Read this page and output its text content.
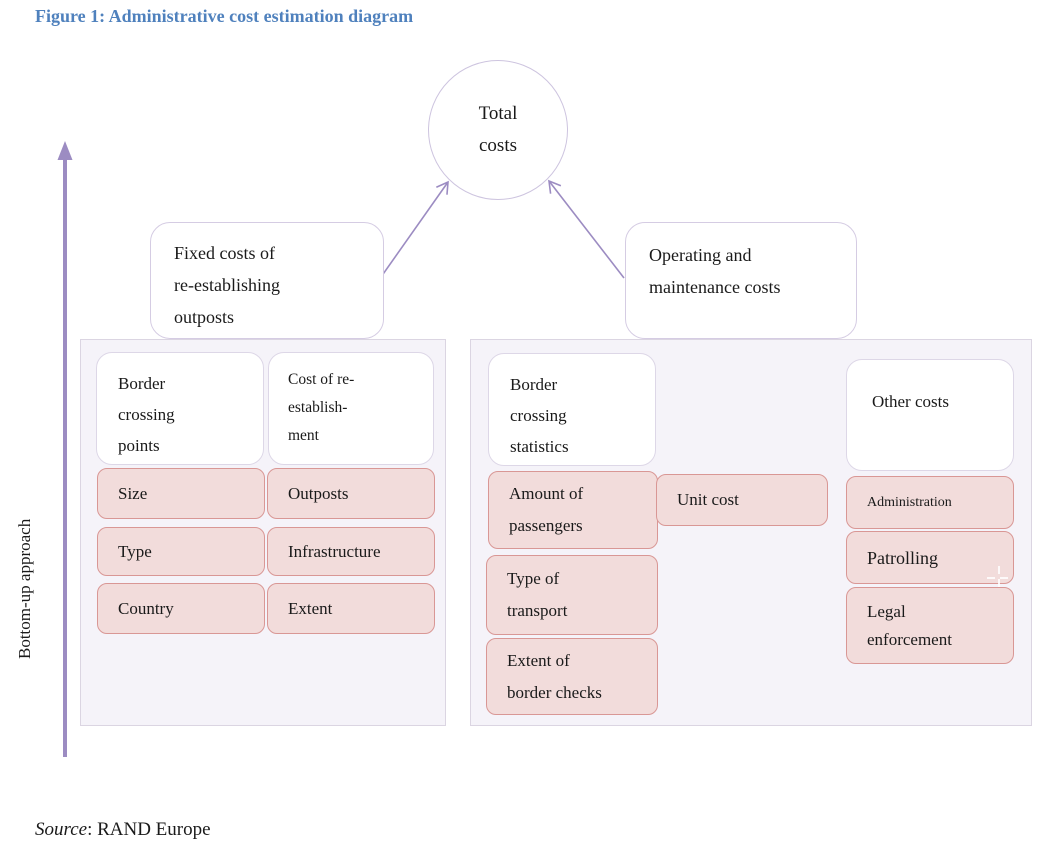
Figure 1: Administrative cost estimation diagram
Total
costs
Fixed costs of
re-establishing
outposts
Operating and
maintenance costs
Border
crossing
points
Cost of re-
establish-
ment
Size	Outposts
Type	Infrastructure
Country	Extent
Border
crossing
statistics
Other costs
Amount of
passengers
Unit cost
Type of
transport
Extent of
border checks
Administration
Patrolling
Legal
enforcement
Bottom-up approach
Source: RAND Europe
